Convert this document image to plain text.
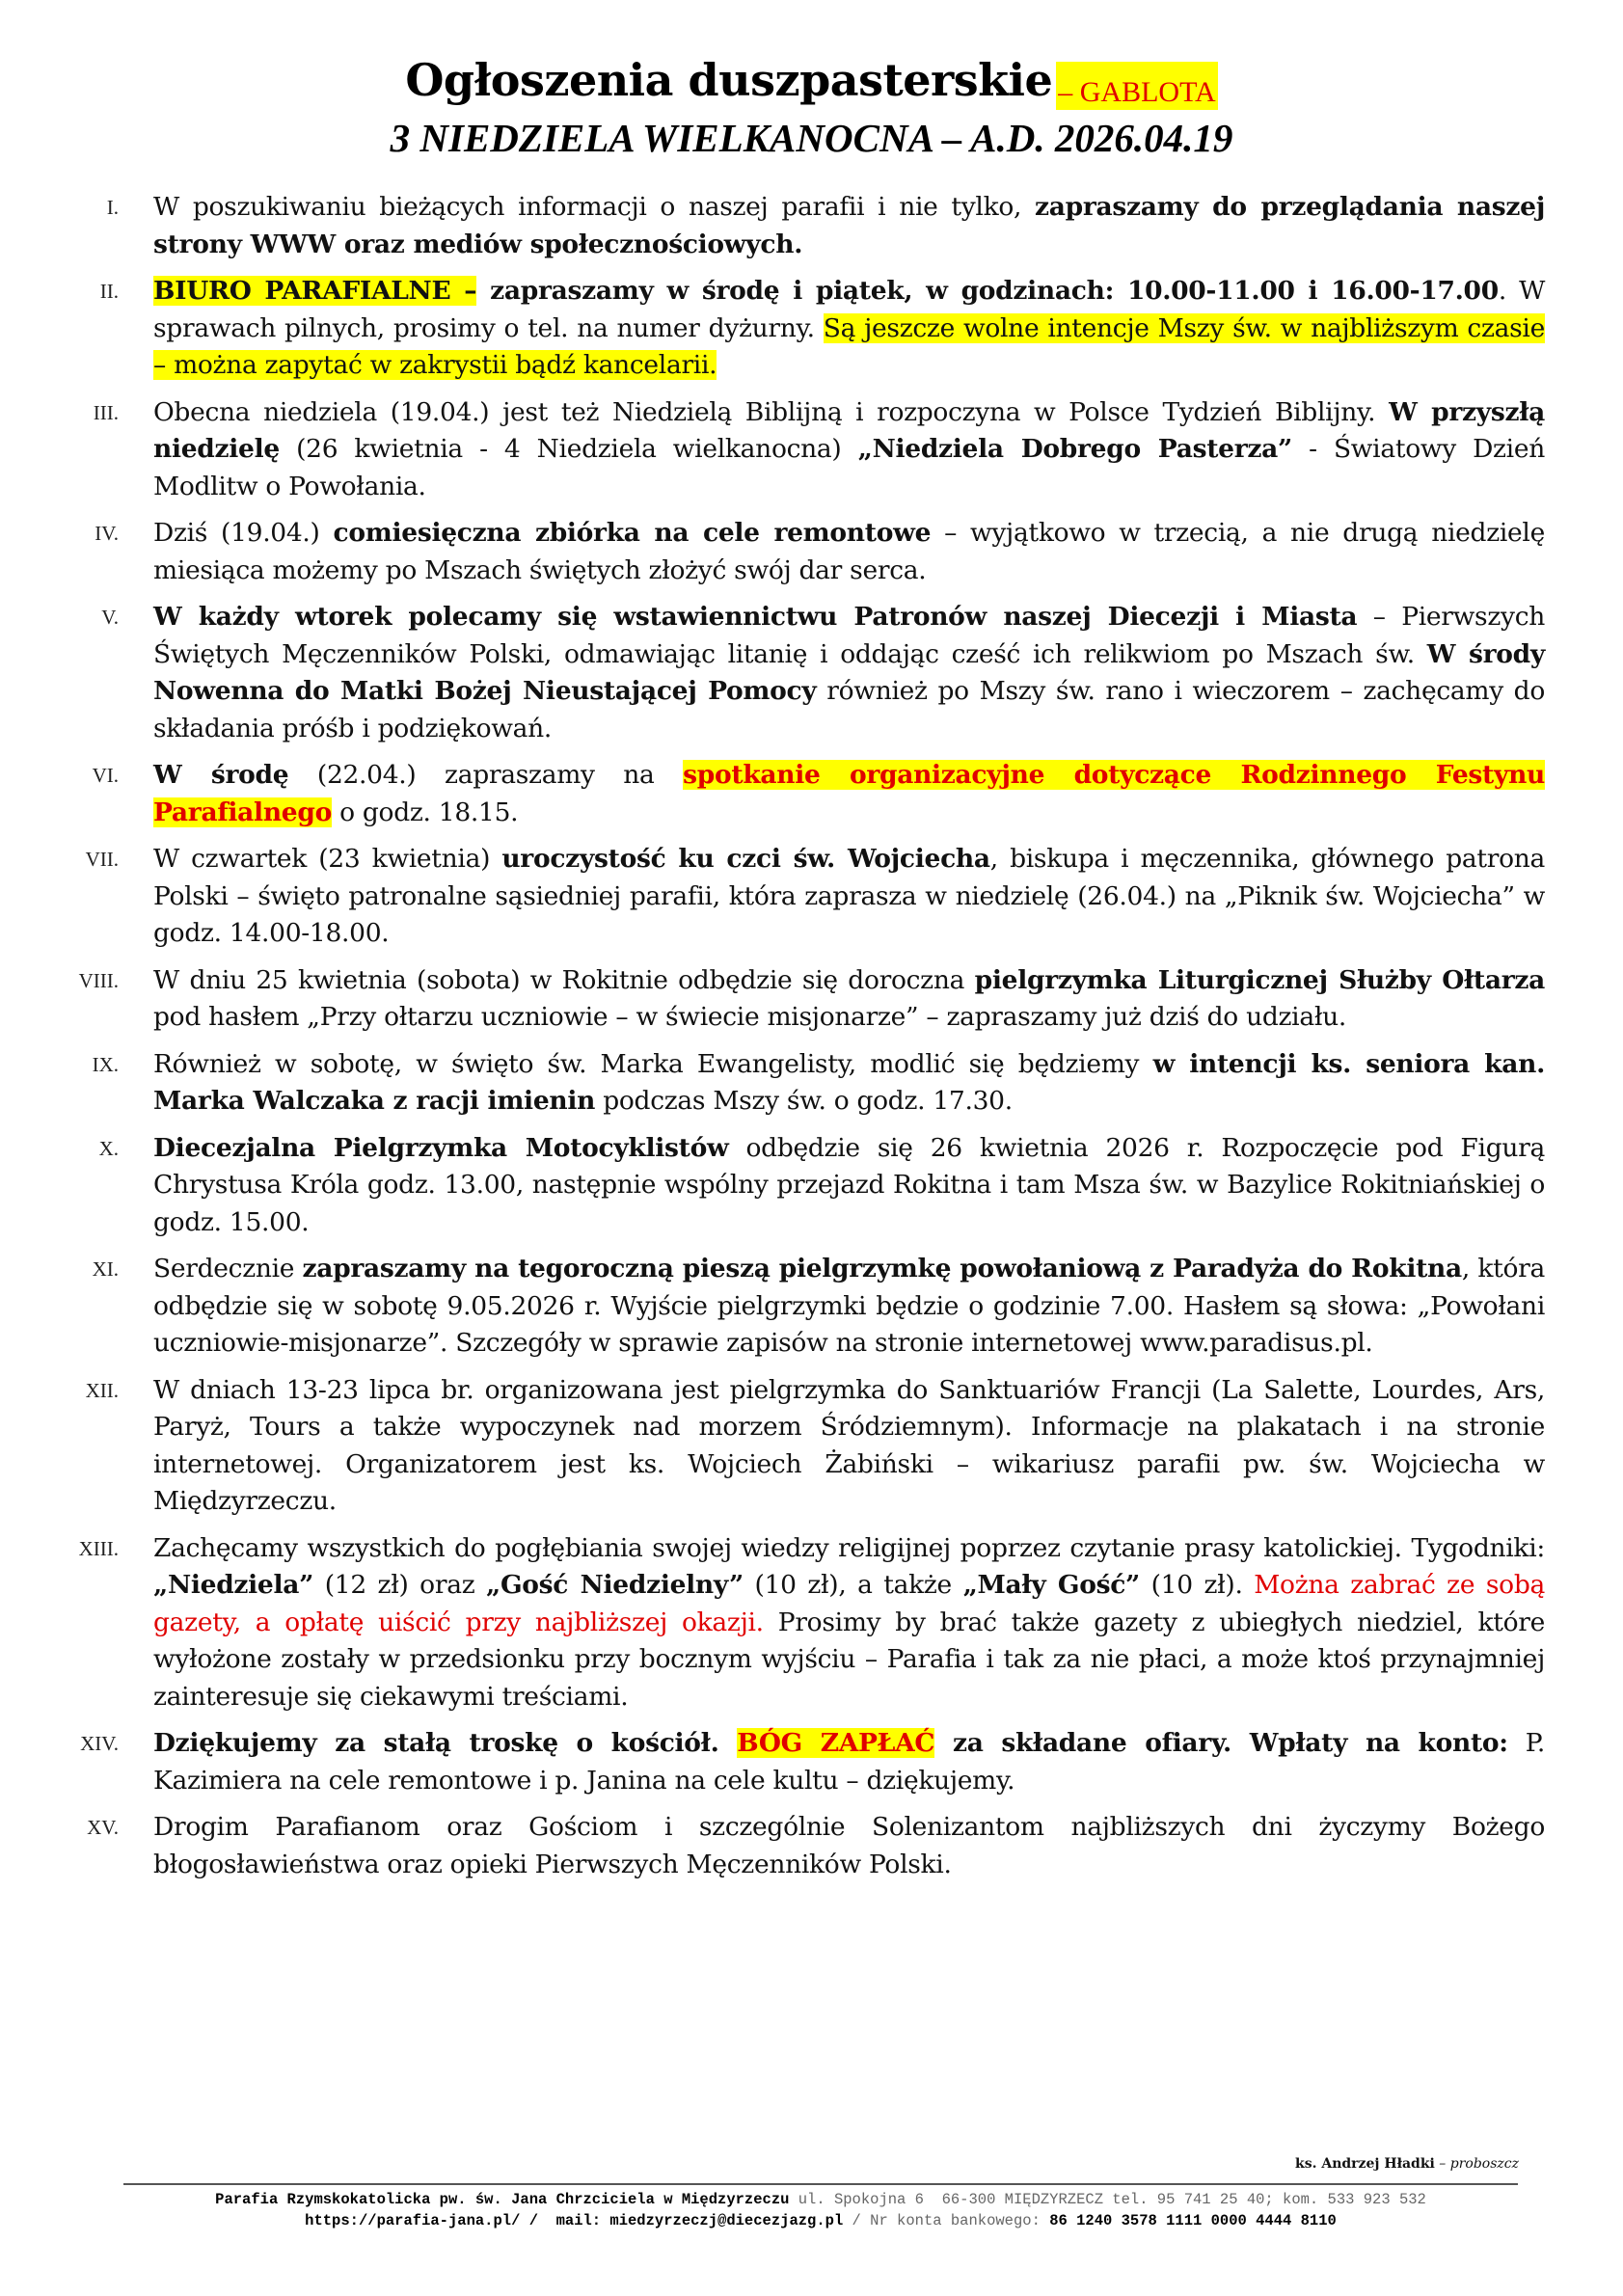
Ogłoszenia duszpasterskie – GABLOTA
3 NIEDZIELA WIELKANOCNA – A.D. 2026.04.19
I. W poszukiwaniu bieżących informacji o naszej parafii i nie tylko, zapraszamy do przeglądania naszej strony WWW oraz mediów społecznościowych.
II. BIURO PARAFIALNE – zapraszamy w środę i piątek, w godzinach: 10.00-11.00 i 16.00-17.00. W sprawach pilnych, prosimy o tel. na numer dyżurny. Są jeszcze wolne intencje Mszy św. w najbliższym czasie – można zapytać w zakrystii bądź kancelarii.
III. Obecna niedziela (19.04.) jest też Niedzielą Biblijną i rozpoczyna w Polsce Tydzień Biblijny. W przyszłą niedzielę (26 kwietnia - 4 Niedziela wielkanocna) „Niedziela Dobrego Pasterza” - Światowy Dzień Modlitw o Powołania.
IV. Dziś (19.04.) comiesięczna zbiórka na cele remontowe – wyjątkowo w trzecią, a nie drugą niedzielę miesiąca możemy po Mszach świętych złożyć swój dar serca.
V. W każdy wtorek polecamy się wstawiennictwu Patronów naszej Diecezji i Miasta – Pierwszych Świętych Męczenników Polski, odmawiając litanię i oddając cześć ich relikwiom po Mszach św. W środy Nowenna do Matki Bożej Nieustającej Pomocy również po Mszy św. rano i wieczorem – zachęcamy do składania próśb i podziękowań.
VI. W środę (22.04.) zapraszamy na spotkanie organizacyjne dotyczące Rodzinnego Festynu Parafialnego o godz. 18.15.
VII. W czwartek (23 kwietnia) uroczystość ku czci św. Wojciecha, biskupa i męczennika, głównego patrona Polski – święto patronalne sąsiedniej parafii, która zaprasza w niedzielę (26.04.) na „Piknik św. Wojciecha” w godz. 14.00-18.00.
VIII. W dniu 25 kwietnia (sobota) w Rokitnie odbędzie się doroczna pielgrzymka Liturgicznej Służby Ołtarza pod hasłem „Przy ołtarzu uczniowie – w świecie misjonarze” – zapraszamy już dziś do udziału.
IX. Również w sobotę, w święto św. Marka Ewangelisty, modlić się będziemy w intencji ks. seniora kan. Marka Walczaka z racji imienin podczas Mszy św. o godz. 17.30.
X. Diecezjalna Pielgrzymka Motocyklistów odbędzie się 26 kwietnia 2026 r. Rozpoczęcie pod Figurą Chrystusa Króla godz. 13.00, następnie wspólny przejazd Rokitna i tam Msza św. w Bazylice Rokitniańskiej o godz. 15.00.
XI. Serdecznie zapraszamy na tegoroczną pieszą pielgrzymkę powołaniową z Paradyża do Rokitna, która odbędzie się w sobotę 9.05.2026 r. Wyjście pielgrzymki będzie o godzinie 7.00. Hasłem są słowa: „Powołani uczniowie-misjonarze”. Szczegóły w sprawie zapisów na stronie internetowej www.paradisus.pl.
XII. W dniach 13-23 lipca br. organizowana jest pielgrzymka do Sanktuariów Francji (La Salette, Lourdes, Ars, Paryż, Tours a także wypoczynek nad morzem Śródziemnym). Informacje na plakatach i na stronie internetowej. Organizatorem jest ks. Wojciech Żabiński – wikariusz parafii pw. św. Wojciecha w Międzyrzeczu.
XIII. Zachęcamy wszystkich do pogłębiania swojej wiedzy religijnej poprzez czytanie prasy katolickiej. Tygodniki: „Niedziela” (12 zł) oraz „Gość Niedzielny” (10 zł), a także „Mały Gość” (10 zł). Można zabrać ze sobą gazety, a opłatę uiścić przy najbliższej okazji. Prosimy by brać także gazety z ubiegłych niedziel, które wyłożone zostały w przedsionku przy bocznym wyjściu – Parafia i tak za nie płaci, a może ktoś przynajmniej zainteresuje się ciekawymi treściami.
XIV. Dziękujemy za stałą troskę o kościół. BÓG ZAPŁAĆ za składane ofiary. Wpłaty na konto: P. Kazimiera na cele remontowe i p. Janina na cele kultu – dziękujemy.
XV. Drogim Parafianom oraz Gościom i szczególnie Solenizantom najbliższych dni życzymy Bożego błogosławieństwa oraz opieki Pierwszych Męczenników Polski.
ks. Andrzej Hładki – proboszcz
Parafia Rzymskokatolicka pw. św. Jana Chrzciciela w Międzyrzeczu ul. Spokojna 6  66-300 MIĘDZYRZECZ tel. 95 741 25 40; kom. 533 923 532
https://parafia-jana.pl/ /  mail: miedzyrzeczj@diecezjazg.pl / Nr konta bankowego: 86 1240 3578 1111 0000 4444 8110
